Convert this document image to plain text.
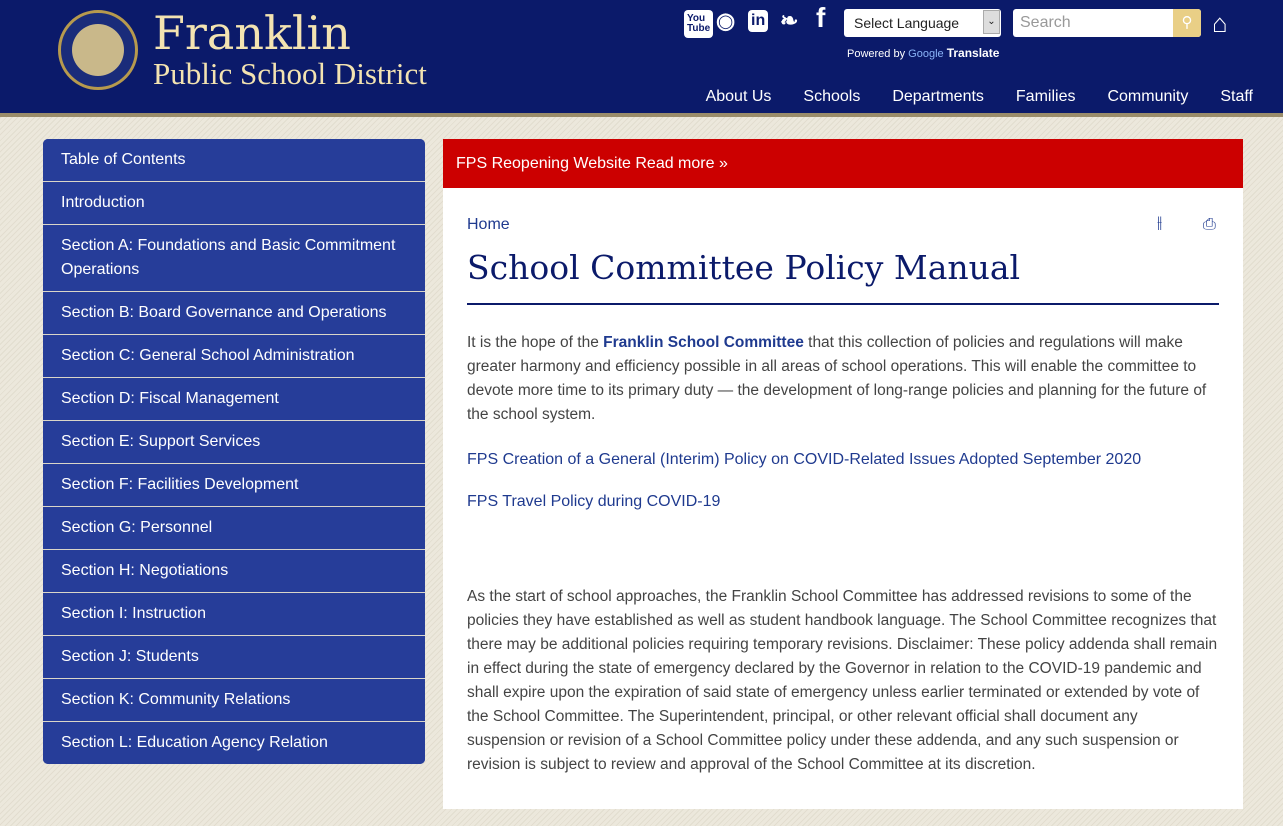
Franklin
Public School District
You
Tube ◉ in ❧ f	Select Language	⌄
Powered by Google Translate
Search	⚲ ⌂
About Us Schools Departments Families Community Staff
Table of Contents
Introduction
Section A: Foundations and Basic Commitment Operations
Section B: Board Governance and Operations
Section C: General School Administration
Section D: Fiscal Management
Section E: Support Services
Section F: Facilities Development
Section G: Personnel
Section H: Negotiations
Section I: Instruction
Section J: Students
Section K: Community Relations
Section L: Education Agency Relation
FPS Reopening Website Read more »
⫲	⎙
Home
School Committee Policy Manual

It is the hope of the Franklin School Committee that this collection of policies and regulations will make greater harmony and efficiency possible in all areas of school operations. This will enable the committee to devote more time to its primary duty — the development of long-range policies and planning for the future of the school system.

FPS Creation of a General (Interim) Policy on COVID-Related Issues Adopted September 2020
FPS Travel Policy during COVID-19

As the start of school approaches, the Franklin School Committee has addressed revisions to some of the policies they have established as well as student handbook language. The School Committee recognizes that there may be additional policies requiring temporary revisions. Disclaimer: These policy addenda shall remain in effect during the state of emergency declared by the Governor in relation to the COVID-19 pandemic and shall expire upon the expiration of said state of emergency unless earlier terminated or extended by vote of the School Committee. The Superintendent, principal, or other relevant official shall document any suspension or revision of a School Committee policy under these addenda, and any such suspension or revision is subject to review and approval of the School Committee at its discretion.
